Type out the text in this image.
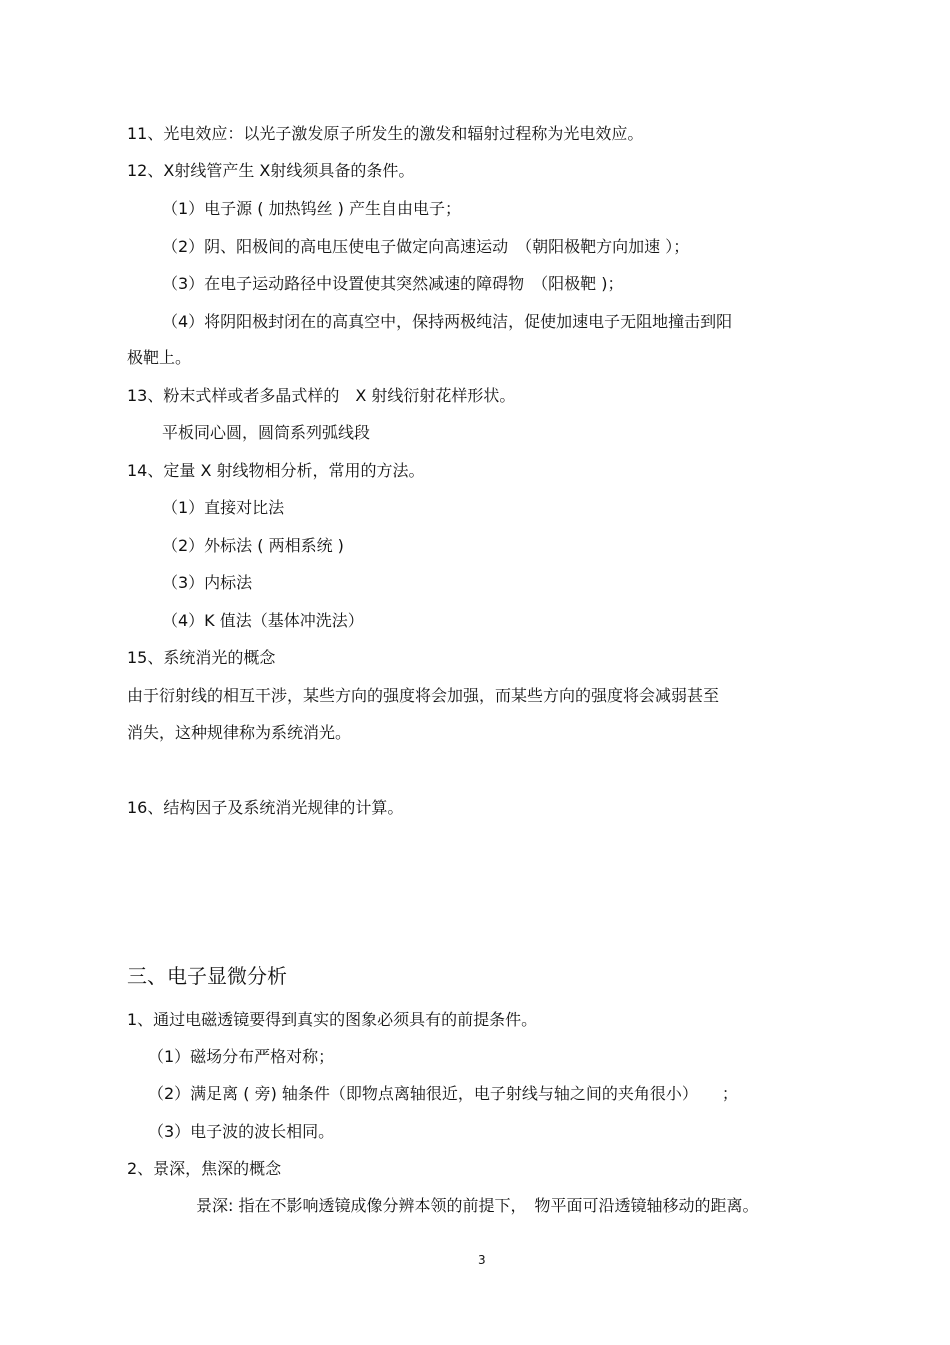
11、光电效应：以光子激发原子所发生的激发和辐射过程称为光电效应。
12、X射线管产生 X射线须具备的条件。
（1）电子源 ( 加热钨丝 ) 产生自由电子；
（2）阴、阳极间的高电压使电子做定向高速运动　（朝阳极靶方向加速 ）；
（3）在电子运动路径中设置使其突然减速的障碍物　（阳极靶 )；
（4）将阴阳极封闭在的高真空中，保持两极纯洁，促使加速电子无阻地撞击到阳
极靶上。
13、粉末式样或者多晶式样的　X 射线衍射花样形状。
平板同心圆，圆筒系列弧线段
14、定量 X 射线物相分析，常用的方法。
（1）直接对比法
（2）外标法 ( 两相系统 )
（3）内标法
（4）K 值法（基体冲洗法）
15、系统消光的概念
由于衍射线的相互干涉，某些方向的强度将会加强，而某些方向的强度将会减弱甚至
消失，这种规律称为系统消光。
16、结构因子及系统消光规律的计算。
三、电子显微分析
1、通过电磁透镜要得到真实的图象必须具有的前提条件。
（1）磁场分布严格对称；
（2）满足离 ( 旁) 轴条件（即物点离轴很近，电子射线与轴之间的夹角很小）　　；
（3）电子波的波长相同。
2、景深，焦深的概念
景深: 指在不影响透镜成像分辨本领的前提下，　物平面可沿透镜轴移动的距离。
3
